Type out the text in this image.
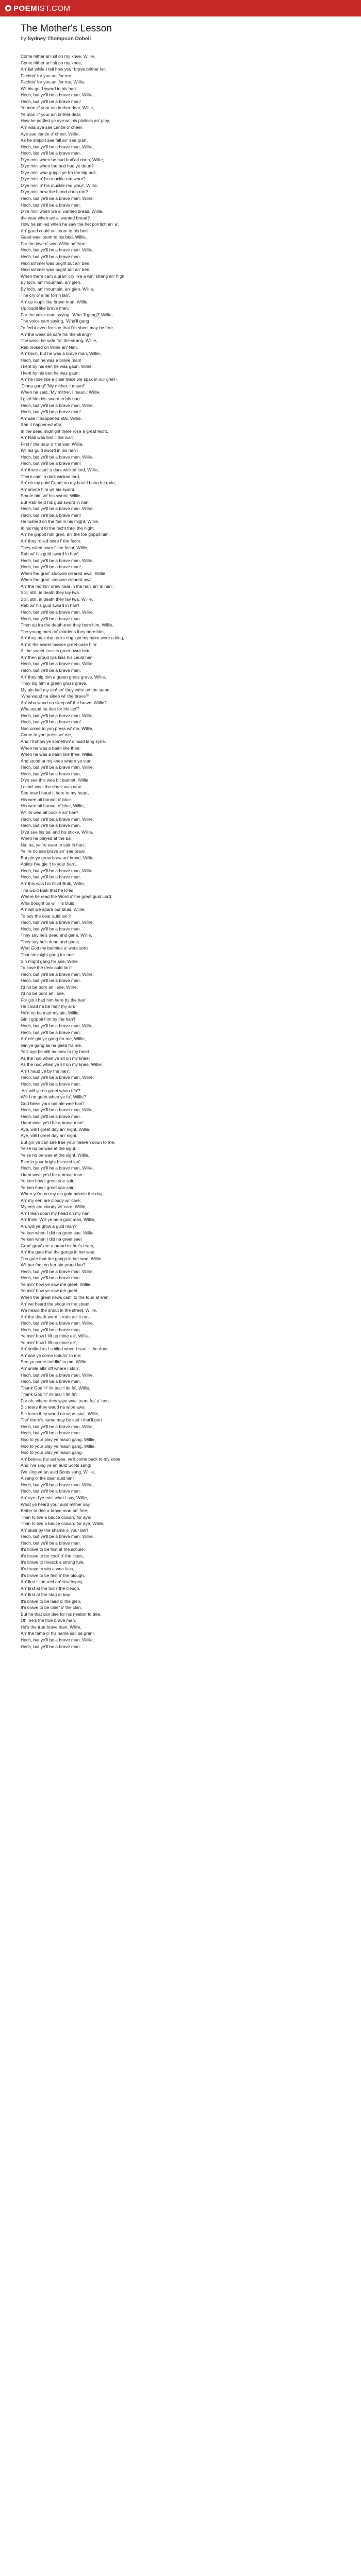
POEM IST.COM
The Mother's Lesson
by Sydney Thompson Dobell
Come hither an' sit on my knee, Willie,
Come hither an' sit on my knee,
An' list while I tell how your brave brither fell,
Fechtin' for you an' for me.
Fechtin' for you an' for me, Willie,
Wi' his guid sword in his han':
Hech, but ye'll be a brave man, Willie,
Hech, but ye'll be a brave man!
Ye mon ir' your ain brither dear, Willie,
Ye mon ir' your ain brither dear,
How he pettled ye aye wi' his ploikies an' play,
An' was aye sae cantie o' cheer:
Aye sae cantie o' cheer, Willie,
As he steppit sae fall an' sae gran',
Hech, but ye'll be a brave man, Willie,
Hech, but ye'll be a brave man.
D'ye min' when he bud bud'ad doun, Willie,
D'ye min' when the bud had ye doun?
D'ye min' wha grippit ye fra the big bull,
D'ye min' o' his muckle red wour?
D'ye min' o' his muckle red wour', Willie,
D'ye min' how the blood doun ran?
Hech, but ye'll be a brave man, Willie,
Hech, but ye'll be a brave man.
D'ye min' when we a' wanted bread, Willie,
the year when we a' wanted bread?
How he smiled when he saw the het porritch an' a',
An' gaed could an' toom to his bed.
Gaed wae' toom to his bed, Willie,
For the love o' wee Willie an' Nan!
Hech, but ye'll be a brave man, Willie,
Hech, but ye'll be a brave man.
Next simmer was bright but an' ben,
Next simmer was bright but an' ben,
When there cam a gran' cry like a win' strang an' high
By loch, an' mountain, an' glen.
By loch, an' mountain, an' glen, Willie,
The cry o' a far forrin lan',
An' up loupit like brave man, Willie,
Up loupit like brave man,
For the voice cam saying, 'Wha 'll gang?' Willie,
The voice cam saying, 'Wha'll gang
To fecht even for sae that I'm sheel may be free,
An' the weak be safe fra' the strang?
The weak be safe fra' the strang, Willie,
Rab looked on Willie an' Nan,
An' hech, but he was a brave man, Willie,
Hech, but he was a brave man!
I kent by his een he was gaun, Willie,
I kent by his een he was gaun;
An' he rose like a chiel twice we spak in our grief -
'Dinna gang!' 'My mither, I maun!'
When he said, 'My mither, I maun,' Willie,
I gied him his sword to his han':
Hech, but ye'll be a brave man, Willie,
Hech, but ye'll be a brave man!
An' sae it happened afar, Willie,
Sae it happened afar,
In the dead midnight there rose a great fecht,
An' Rab was first i' the war:
First i' the haur o' the war, Willie,
Wi' his guid sword in his han'!
Hech, but ye'll be a brave man, Willie,
Hech, but ye'll be a brave man!
An' there cam' a dark wicked lord, Willie,
There cam' a dark wicked lord,
An' oh my guid Good! on my bauld bairn he rode,
An' smote him wi' his sword.
Smote him wi' his sword, Willie,
But Rab held his guid sword in han':
Hech, but ye'll be a brave man, Willie,
Hech, but ye'll be a brave man!
He rushed on the foe in his might, Willie,
In his might to the fecht thro' the night,
An' he grippit him gren, an' the foe grippit him,
An' they rolled owre i' the fecht.
They rolled owre i' the fecht, Willie,
Rab wi' his guid sword in han':
Hech, but ye'll be a brave man, Willie,
Hech, but ye'll be a brave man!
When the gran' stoowre cleared awa', Willie,
When the gran' stoowre cleared awa',
An' the mornin' drew near in the han' an' in han',
Still, still, in death they lay twa.
Still, still, in death they lay twa, Willie,
Rab wi' his guid sword in han'!
Hech, but ye'll be a brave man, Willie,
Hech, but ye'll be a brave man.
Then up fra the death-tred they bore him, Willie,
The young men an' maidens they bore him,
An' they mak the rocks ring 'gin my bairn were a king,
An' a' the sweet lassies greet owre him:
A' the sweet lassies greet owre him
An' then proud lips kiss his cauld han',
Hech, but ye'll be a brave man, Willie,
Hech, but ye'll be a brave man.
An' they big him a green grass grave, Willie,
They big him a green grass grave,
My ain lad! my ain! an' they write on the stane,
'Wha waud na sleep wi' the brave?'
An' wha waud na sleep wi' the brave, Willie?
Wha waud na dee for his lan'?
Hech, but ye'll be a brave man, Willie,
Hech, but ye'll be a brave man!
Noo come to yon press wi' me, Willie,
Come to yon press wi' me,
And I'll show ye somethin' o' auld lang syne,
When he was a bairn like thee:
When he was a bairn like thee, Willie,
And stood at my knee where ye stan',
Hech, but ye'll be a brave man, Willie,
Hech, but ye'll be a brave man.
D'ye see this wee bit bannet, Willie,
I mind' weel the day it was new:
See how I haud it here to my heart,
His wee bit bannet o' blue.
His wee bit bannet o' blue, Willie,
Wi' its wee bit cockie an' ban'!
Hech, but ye'll be a brave man, Willie,
Hech, but ye'll be a brave man.
D'ye see his ba' and his sticke, Willie,
When he played at the ba'.
Na, na, ye 're ower to sair in han',
Ye 're no sae brave an' sae braw!
But gin ye grow braw an' brave, Willie,
Ablins I've gie 't to your han',
Hech, but ye'll be a brave man, Willie,
Hech, but ye'll be a brave man.
An' this was his Guid Buik, Willie,
The Guid Buik that he lo'ed,
Where he read the Word o' the great guid Lord
Wha bought us wi' His bluid.
An' will we spare our bluid, Willie,
To buy the dear auld lan'?
Hech, but ye'll be a brave man, Willie,
Hech, but ye'll be a brave man.
They say he's dead and gane, Willie,
They say he's dead and gane;
Wed God my bairnies a' were sons,
That sic might gang for ane:
Sin might gang for ane, Willie,
To save the dear auld lan'!
Hech, but ye'll be a brave man, Willie,
Hech, but ye'll be a brave man.
I'd no be born an' lane, Willie,
I'd no be born an' lane,
For gin I had him here by the han'
He could na be mair my ain:
He'd no be mair my ain, Willie,
Gin I grippit him by the han'!
Hech, but ye'll be a brave man, Willie,
Hech, but ye'll be a brave man.
An' oh! gin ye gang fra me, Willie,
Gin ye gang as he gaed fra me,
Ye'll aye be still as near to my heart
As the noo when ye sit on my knee:
As the noo when ye sit on my knee, Willie,
An' I haud ye by the han':
Hech, but ye'll be a brave man, Willie,
Hech, but ye'll be a brave man.
'An' will ye no greet when I fa'?
Will I no greet when ye fa', Willie?
God bless your bonnie wee han'!
Hech, but ye'll be a brave man, Willie,
Hech, but ye'll be a brave man.
I kent weel ye'd be a brave man!
Aye, will I greet day an' night, Willie,
Aye, will I greet day an' night,
But gin ye can see frae your heaven doun to me,
Ye'se no be wae at the sight.
Ye'se no be wae at the sight, Willie,
E'en in your bright blessed lan':
Hech, but ye'll be a brave man, Willie,
I kent weel ye'd be a brave man.
Ye ken how I greet sae sair,
Ye ken how I greet sae sair,
When ye're no my ain guid bairnie the day,
An' my een are cloudy wi' care:
My een are cloudy wi' care, Willie,
An' I lean doun my head on my han':
An' think 'Will ye be a guid man, Willie,
Ah, will ye grow a guid man?'
Ye ken when I did na greet sae, Willie,
Ye ken when I did na greet sae!
Gran' gran' are a proud mither's tears,
An' the gate that the gangs in her wae.
The gate that the gangs in her wae, Willie,
Wi' her foot on her ain proud lan'!
Hech, but ye'll be a brave man, Willie,
Hech, but ye'll be a brave man.
Ye min' how ye saw me greet, Willie,
Ye min' how ye saw me greet,
When the great news cam' to the toun at e'en,
An' we heard the shout in the street.
We heard the shout in the street, Willie,
An' the death-word it rode an' it ran,
Hech, but ye'll be a brave man, Willie,
Hech, but ye'll be a brave man.
Ye min' how I lift up mine ee', Willie,
Ye min' how I lift up mine ee',
An' smiled as I smiled when I stan' i' the door,
An' sae ye come toddlin' to me;
See ye come toddlin' to me, Willie,
An' smile aftir oft where I stan'.
Hech, but ye'll be a brave man, Willie,
Hech, but ye'll be a brave man.
Thank God fir' ilk tear I let fa', Willie,
Thank God fir' ilk tear I let fa':
For oh, where they wipe wae' tears fra' a' een,
Sic tears they waud na wipe awa'.
Sic tears they waud no wipe awa', Willie,
Tho' there's name may be sad I that'll port
Hech, but ye'll be a brave man, Willie,
Hech, but ye'll be a brave man.
Noo to your play ye maun gang, Willie,
Noo to your play ye maun gang, Willie,
Noo to your play ye maun gang,
An' belyve, my ain wee, ye'll come back to my knee,
And I've sing ye an auld Scots sang:
I've sing ye an auld Scots sang, Willie,
A sang o' the dear auld lan'!
Hech, but ye'll be a brave man, Willie,
Hech, but ye'll be a brave man.
An' aye d'ye min' what I say, Willie,
What ye heard your auld mither say,
Better to dee a brave man an' free,
Than to live a bauce coward for aye:
Than to live a bauce coward for aye, Willie,
An' skair by the shame o' your lan'!
Hech, but ye'll be a brave man, Willie,
Hech, but ye'll be a brave man.
It's brave to be first at the schule,
It's brave to be cock o' the class,
It's brave to thwack a strong fule,
It's brave to win a wee lass,
It's brave to be first o' the plough,
An' first i' the reel an' strathspey,
An' first at the tod i' the cleugh,
An' first at the stag at bay.
It's brave to be laird o' the glen,
It's brave to be chief o' the clan,
But he that can dee for his neebor to dee,
Oh, he's the true brave man.
He's the true brave man, Willie,
An' the fame o' his name sall be gran'!
Hech, but ye'll be a brave man, Willie,
Hech, but ye'll be a brave man.
